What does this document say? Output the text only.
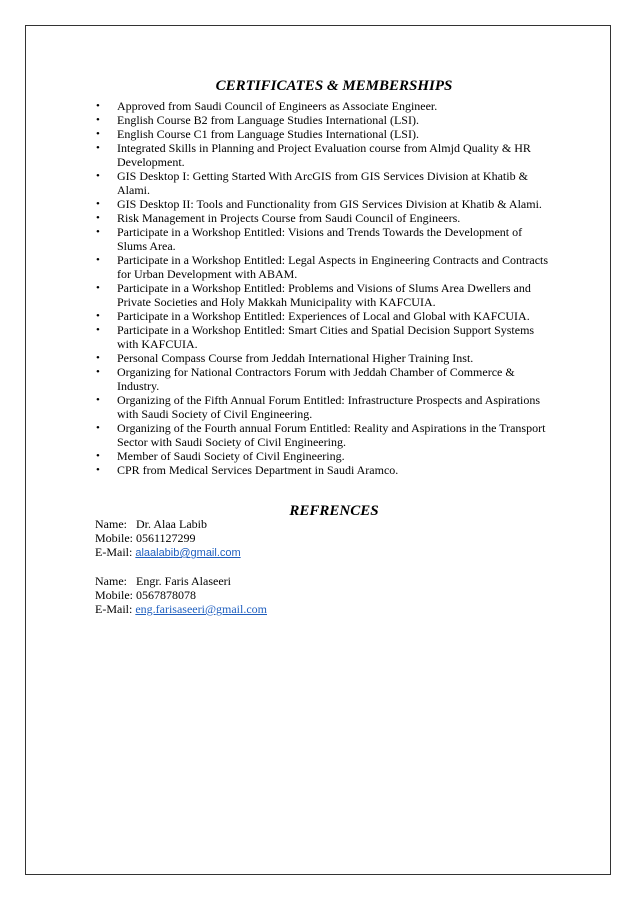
CERTIFICATES & MEMBERSHIPS
• Approved from Saudi Council of Engineers as Associate Engineer.
• English Course B2 from Language Studies International (LSI).
• English Course C1 from Language Studies International (LSI).
• Integrated Skills in Planning and Project Evaluation course from Almjd Quality & HR Development.
• GIS Desktop I: Getting Started With ArcGIS from GIS Services Division at Khatib & Alami.
• GIS Desktop II: Tools and Functionality from GIS Services Division at Khatib & Alami.
• Risk Management in Projects Course from Saudi Council of Engineers.
• Participate in a Workshop Entitled: Visions and Trends Towards the Development of Slums Area.
• Participate in a Workshop Entitled: Legal Aspects in Engineering Contracts and Contracts for Urban Development with ABAM.
• Participate in a Workshop Entitled: Problems and Visions of Slums Area Dwellers and Private Societies and Holy Makkah Municipality with KAFCUIA.
• Participate in a Workshop Entitled: Experiences of Local and Global with KAFCUIA.
• Participate in a Workshop Entitled: Smart Cities and Spatial Decision Support Systems with KAFCUIA.
• Personal Compass Course from Jeddah International Higher Training Inst.
• Organizing for National Contractors Forum with Jeddah Chamber of Commerce & Industry.
• Organizing of the Fifth Annual Forum Entitled: Infrastructure Prospects and Aspirations with Saudi Society of Civil Engineering.
• Organizing of the Fourth annual Forum Entitled: Reality and Aspirations in the Transport Sector with Saudi Society of Civil Engineering.
• Member of Saudi Society of Civil Engineering.
• CPR from Medical Services Department in Saudi Aramco.
REFRENCES
Name: Dr. Alaa Labib
Mobile: 0561127299
E-Mail: alaalabib@gmail.com
Name: Engr. Faris Alaseeri
Mobile: 0567878078
E-Mail: eng.farisaseeri@gmail.com
